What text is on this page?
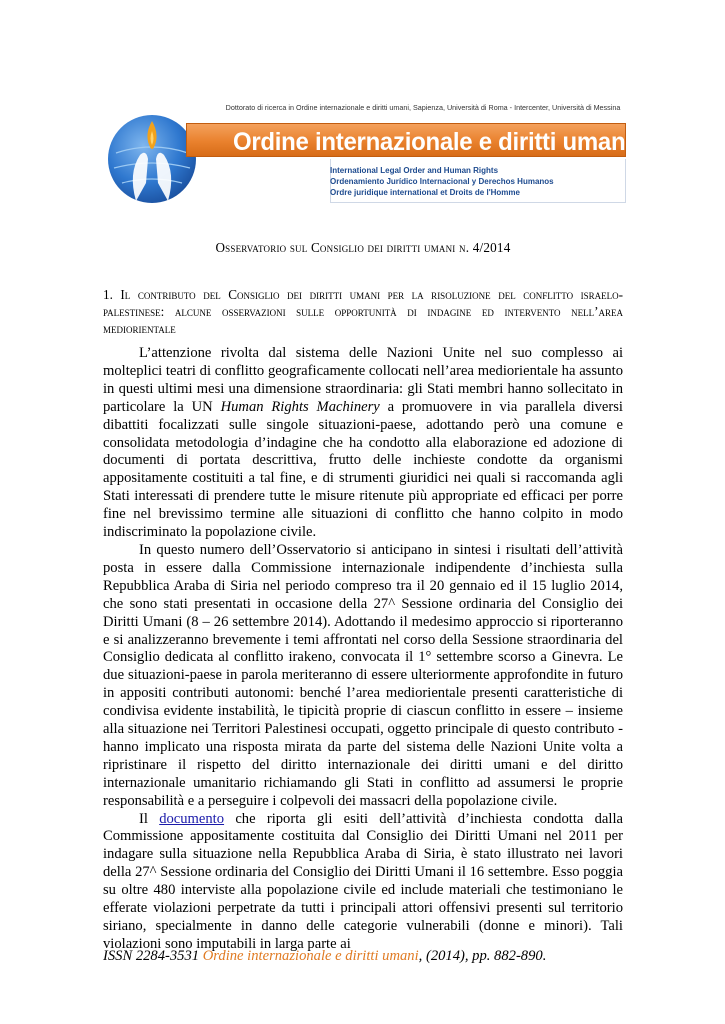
Dottorato di ricerca in Ordine internazionale e diritti umani, Sapienza, Università di Roma - Intercenter, Università di Messina
Ordine internazionale e diritti umani
International Legal Order and Human Rights
Ordenamiento Jurídico Internacional y Derechos Humanos
Ordre juridique international et Droits de l'Homme
Osservatorio sul Consiglio dei diritti umani n. 4/2014
1. Il contributo del Consiglio dei diritti umani per la risoluzione del conflitto israelo-palestinese: alcune osservazioni sulle opportunità di indagine ed intervento nell’area mediorientale

L’attenzione rivolta dal sistema delle Nazioni Unite nel suo complesso ai molteplici teatri di conflitto geograficamente collocati nell’area mediorientale ha assunto in questi ultimi mesi una dimensione straordinaria: gli Stati membri hanno sollecitato in particolare la UN Human Rights Machinery a promuovere in via parallela diversi dibattiti focalizzati sulle singole situazioni-paese, adottando però una comune e consolidata metodologia d’indagine che ha condotto alla elaborazione ed adozione di documenti di portata descrittiva, frutto delle inchieste condotte da organismi appositamente costituiti a tal fine, e di strumenti giuridici nei quali si raccomanda agli Stati interessati di prendere tutte le misure ritenute più appropriate ed efficaci per porre fine nel brevissimo termine alle situazioni di conflitto che hanno colpito in modo indiscriminato la popolazione civile.

In questo numero dell’Osservatorio si anticipano in sintesi i risultati dell’attività posta in essere dalla Commissione internazionale indipendente d’inchiesta sulla Repubblica Araba di Siria nel periodo compreso tra il 20 gennaio ed il 15 luglio 2014, che sono stati presentati in occasione della 27^ Sessione ordinaria del Consiglio dei Diritti Umani (8 – 26 settembre 2014). Adottando il medesimo approccio si riporteranno e si analizzeranno brevemente i temi affrontati nel corso della Sessione straordinaria del Consiglio dedicata al conflitto irakeno, convocata il 1° settembre scorso a Ginevra. Le due situazioni-paese in parola meriteranno di essere ulteriormente approfondite in futuro in appositi contributi autonomi: benché l’area mediorientale presenti caratteristiche di condivisa evidente instabilità, le tipicità proprie di ciascun conflitto in essere – insieme alla situazione nei Territori Palestinesi occupati, oggetto principale di questo contributo - hanno implicato una risposta mirata da parte del sistema delle Nazioni Unite volta a ripristinare il rispetto del diritto internazionale dei diritti umani e del diritto internazionale umanitario richiamando gli Stati in conflitto ad assumersi le proprie responsabilità e a perseguire i colpevoli dei massacri della popolazione civile.

Il documento che riporta gli esiti dell’attività d’inchiesta condotta dalla Commissione appositamente costituita dal Consiglio dei Diritti Umani nel 2011 per indagare sulla situazione nella Repubblica Araba di Siria, è stato illustrato nei lavori della 27^ Sessione ordinaria del Consiglio dei Diritti Umani il 16 settembre. Esso poggia su oltre 480 interviste alla popolazione civile ed include materiali che testimoniano le efferate violazioni perpetrate da tutti i principali attori offensivi presenti sul territorio siriano, specialmente in danno delle categorie vulnerabili (donne e minori). Tali violazioni sono imputabili in larga parte ai

ISSN 2284-3531 Ordine internazionale e diritti umani, (2014), pp. 882-890.
